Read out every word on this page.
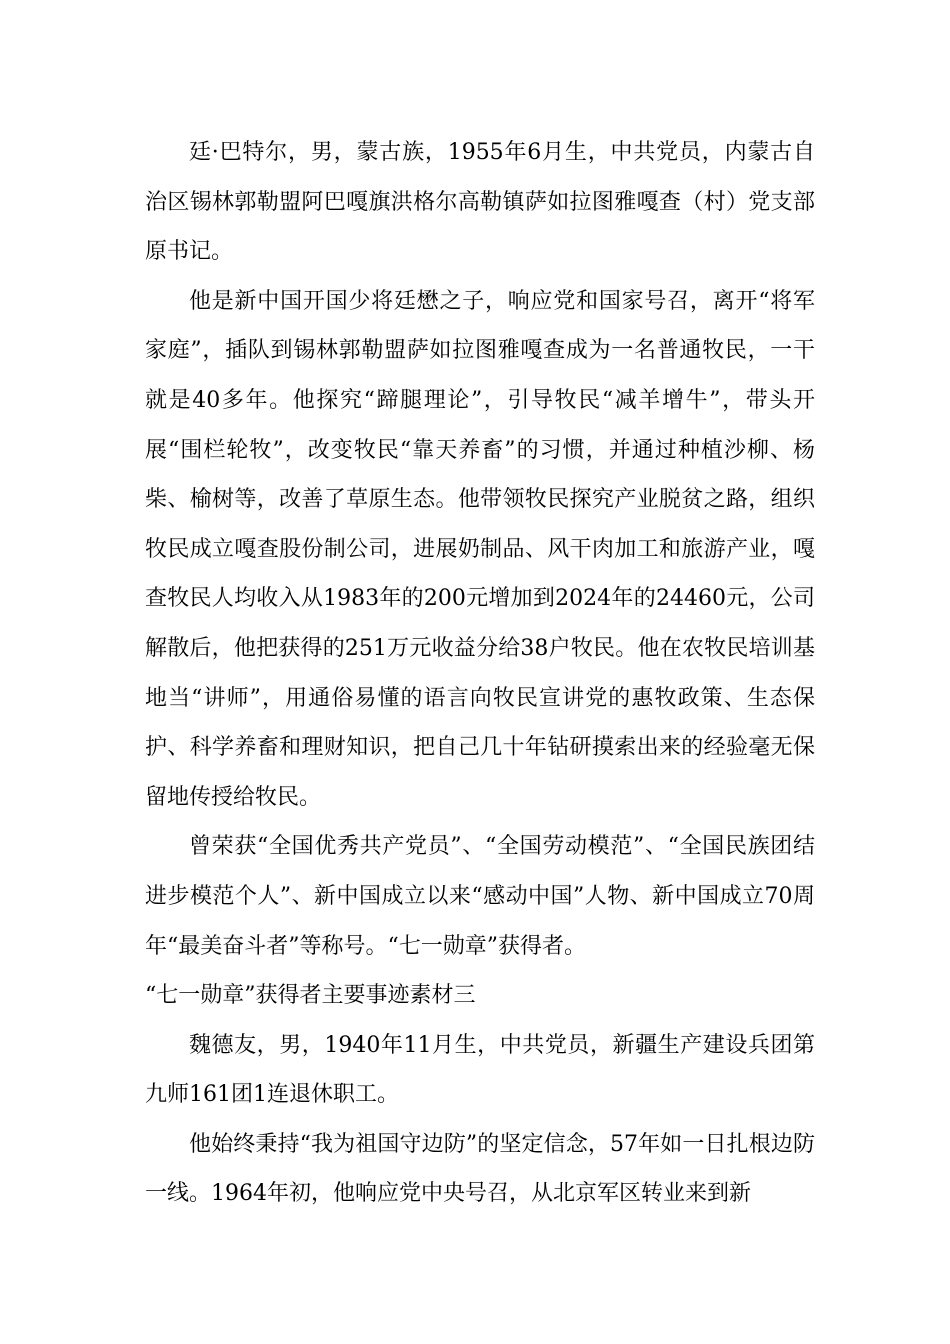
廷·巴特尔，男，蒙古族，1955年6月生，中共党员，内蒙古自治区锡林郭勒盟阿巴嘎旗洪格尔高勒镇萨如拉图雅嘎查（村）党支部原书记。

他是新中国开国少将廷懋之子，响应党和国家号召，离开“将军家庭”，插队到锡林郭勒盟萨如拉图雅嘎查成为一名普通牧民，一干就是40多年。他探究“蹄腿理论”，引导牧民“减羊增牛”，带头开展“围栏轮牧”，改变牧民“靠天养畜”的习惯，并通过种植沙柳、杨柴、榆树等，改善了草原生态。他带领牧民探究产业脱贫之路，组织牧民成立嘎查股份制公司，进展奶制品、风干肉加工和旅游产业，嘎查牧民人均收入从1983年的200元增加到2024年的24460元，公司解散后，他把获得的251万元收益分给38户牧民。他在农牧民培训基地当“讲师”，用通俗易懂的语言向牧民宣讲党的惠牧政策、生态保护、科学养畜和理财知识，把自己几十年钻研摸索出来的经验毫无保留地传授给牧民。

曾荣获“全国优秀共产党员”、“全国劳动模范”、“全国民族团结进步模范个人”、新中国成立以来“感动中国”人物、新中国成立70周年“最美奋斗者”等称号。“七一勋章”获得者。

“七一勋章”获得者主要事迹素材三

魏德友，男，1940年11月生，中共党员，新疆生产建设兵团第九师161团1连退休职工。

他始终秉持“我为祖国守边防”的坚定信念，57年如一日扎根边防一线。1964年初，他响应党中央号召，从北京军区转业来到新
